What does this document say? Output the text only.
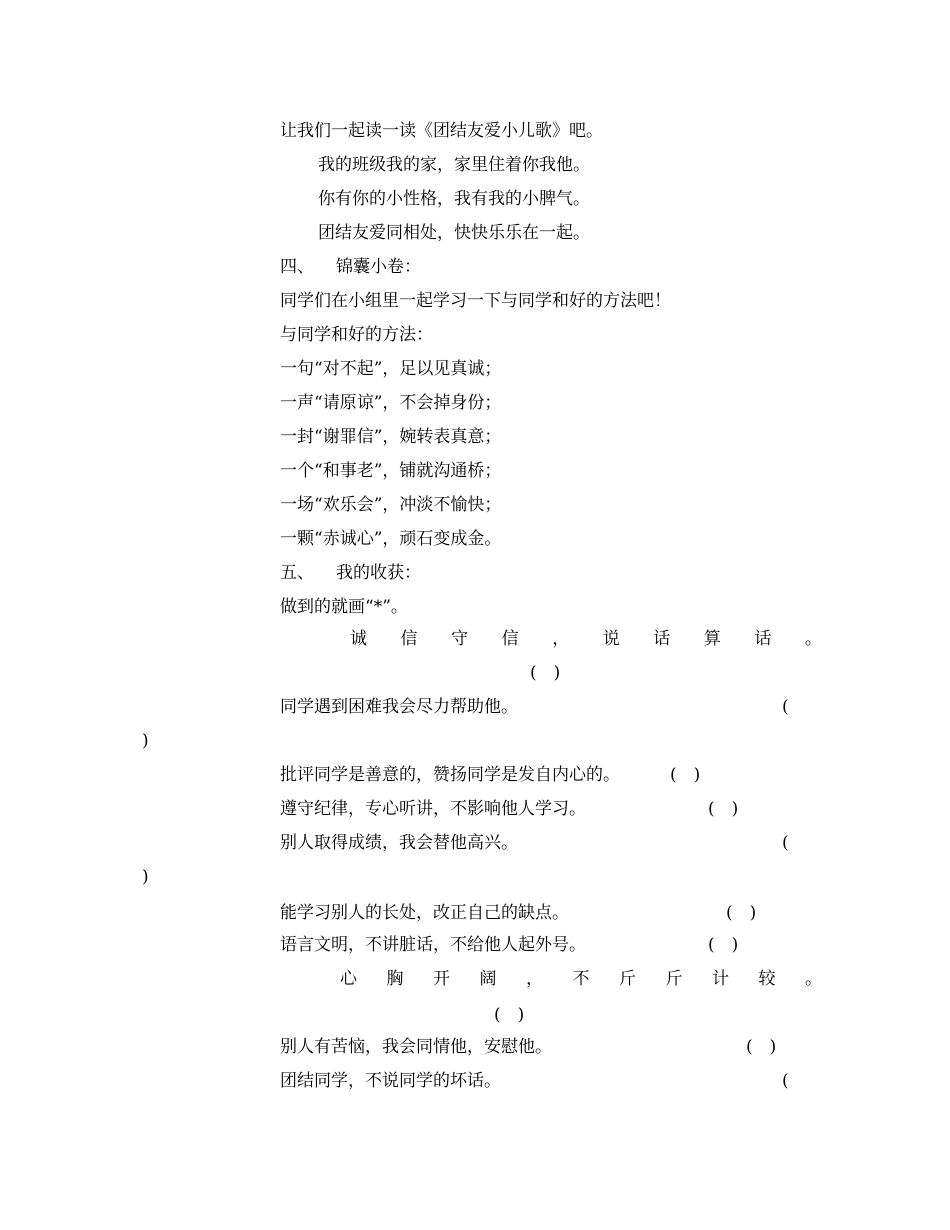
让我们一起读一读《团结友爱小儿歌》吧。

我的班级我的家，家里住着你我他。

你有你的小性格，我有我的小脾气。

团结友爱同相处，快快乐乐在一起。

四、 锦囊小卷：

同学们在小组里一起学习一下与同学和好的方法吧！

与同学和好的方法：

一句“对不起”，足以见真诚；

一声“请原谅”，不会掉身份；

一封“谢罪信”，婉转表真意；

一个“和事老”，铺就沟通桥；

一场“欢乐会”，冲淡不愉快；

一颗“赤诚心”，顽石变成金。

五、 我的收获：

做到的就画“*”。

诚 信 守 信 ， 说 话 算 话 。
(　)

同学遇到困难我会尽力帮助他。	(
)

批评同学是善意的，赞扬同学是发自内心的。	(　)

遵守纪律，专心听讲，不影响他人学习。	(　)

别人取得成绩，我会替他高兴。	(
)

能学习别人的长处，改正自己的缺点。	(　)

语言文明，不讲脏话，不给他人起外号。	(　)
心 胸 开 阔 ， 不 斤 斤 计 较 。
(　)

别人有苦恼，我会同情他，安慰他。	(　)

团结同学，不说同学的坏话。	(
